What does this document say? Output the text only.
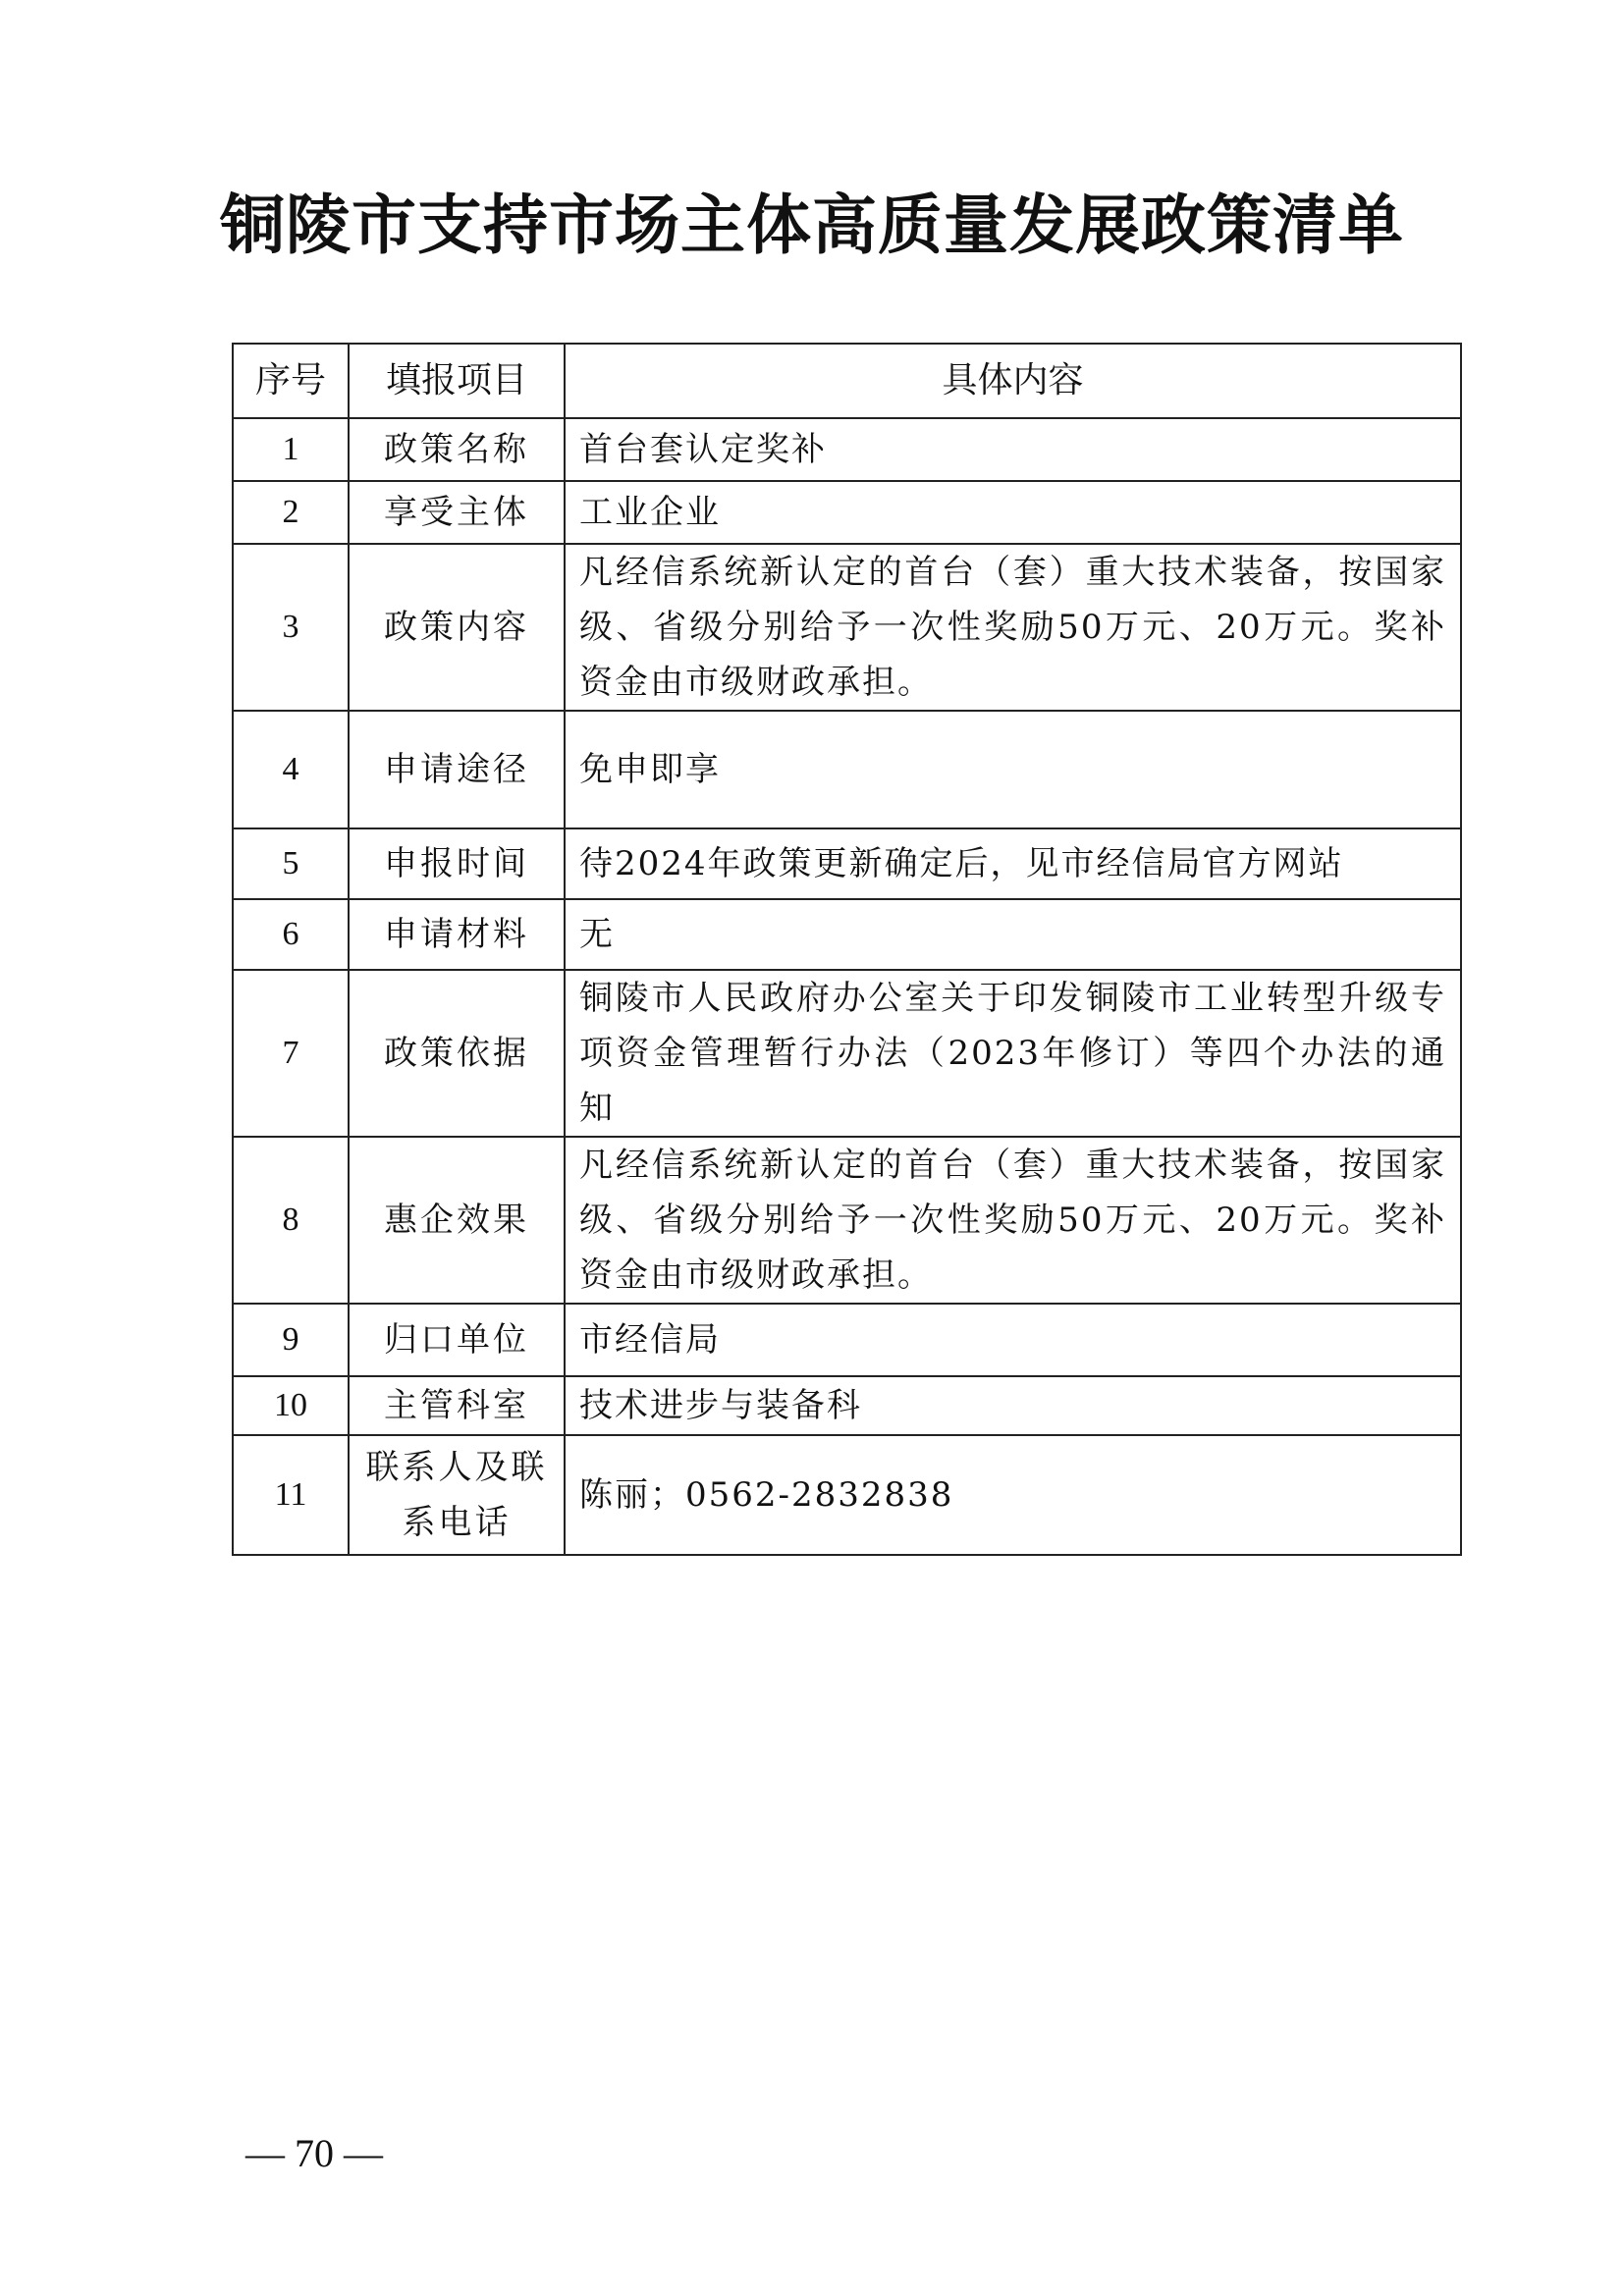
铜陵市支持市场主体高质量发展政策清单
序号	填报项目	具体内容
1	政策名称	首台套认定奖补
2	享受主体	工业企业
3	政策内容	凡经信系统新认定的首台（套）重大技术装备，按国家级、省级分别给予一次性奖励50万元、20万元。奖补资金由市级财政承担。
4	申请途径	免申即享
5	申报时间	待2024年政策更新确定后，见市经信局官方网站
6	申请材料	无
7	政策依据	铜陵市人民政府办公室关于印发铜陵市工业转型升级专项资金管理暂行办法（2023年修订）等四个办法的通知
8	惠企效果	凡经信系统新认定的首台（套）重大技术装备，按国家级、省级分别给予一次性奖励50万元、20万元。奖补资金由市级财政承担。
9	归口单位	市经信局
10	主管科室	技术进步与装备科
11	联系人及联系电话	陈丽；0562-2832838
— 70 —
